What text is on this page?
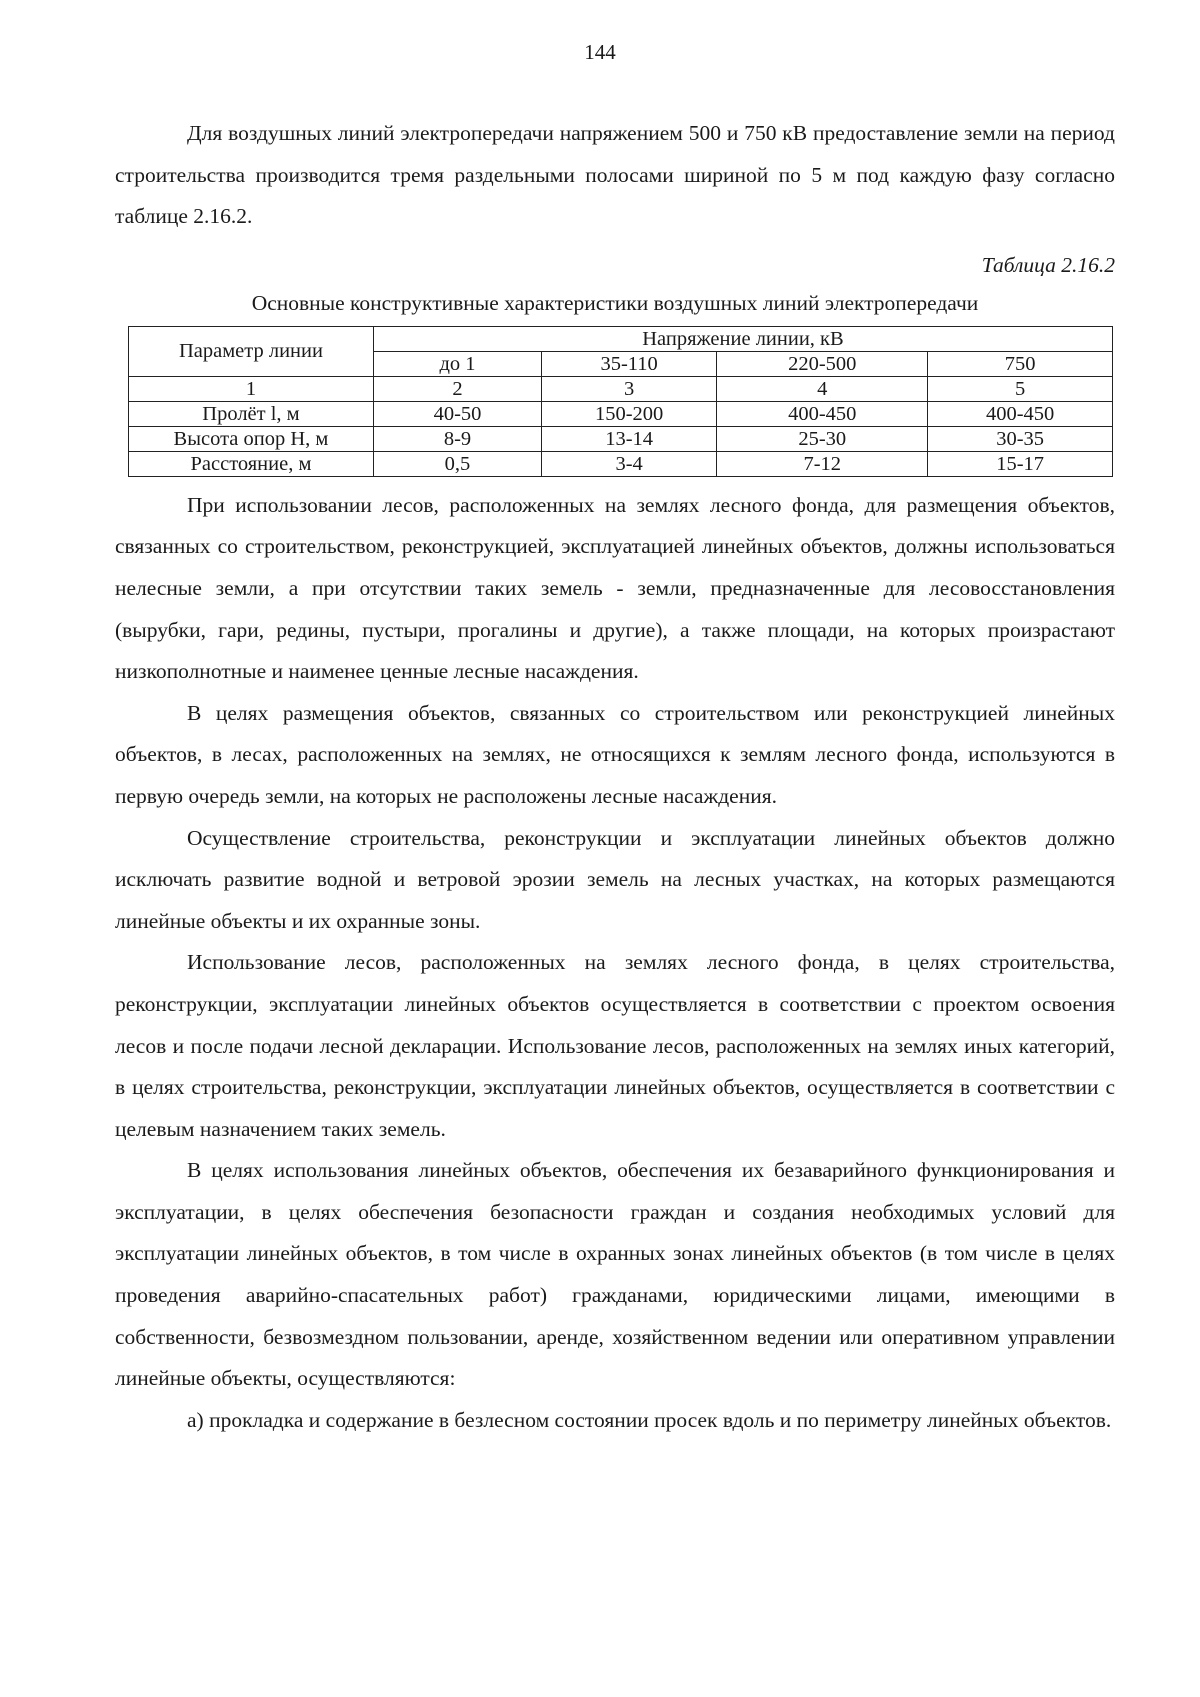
144

Для воздушных линий электропередачи напряжением 500 и 750 кВ предоставление земли на период строительства производится тремя раздельными полосами шириной по 5 м под каждую фазу согласно таблице 2.16.2.

Таблица 2.16.2
Основные конструктивные характеристики воздушных линий электропередачи
Параметр линии	Напряжение линии, кВ			
	до 1	35-110	220-500	750
1	2	3	4	5
Пролёт l, м	40-50	150-200	400-450	400-450
Высота опор H, м	8-9	13-14	25-30	30-35
Расстояние, м	0,5	3-4	7-12	15-17

При использовании лесов, расположенных на землях лесного фонда, для размещения объектов, связанных со строительством, реконструкцией, эксплуатацией линейных объектов, должны использоваться нелесные земли, а при отсутствии таких земель - земли, предназначенные для лесовосстановления (вырубки, гари, редины, пустыри, прогалины и другие), а также площади, на которых произрастают низкополнотные и наименее ценные лесные насаждения.

В целях размещения объектов, связанных со строительством или реконструкцией линейных объектов, в лесах, расположенных на землях, не относящихся к землям лесного фонда, используются в первую очередь земли, на которых не расположены лесные насаждения.

Осуществление строительства, реконструкции и эксплуатации линейных объектов должно исключать развитие водной и ветровой эрозии земель на лесных участках, на которых размещаются линейные объекты и их охранные зоны.

Использование лесов, расположенных на землях лесного фонда, в целях строительства, реконструкции, эксплуатации линейных объектов осуществляется в соответствии с проектом освоения лесов и после подачи лесной декларации. Использование лесов, расположенных на землях иных категорий, в целях строительства, реконструкции, эксплуатации линейных объектов, осуществляется в соответствии с целевым назначением таких земель.

В целях использования линейных объектов, обеспечения их безаварийного функционирования и эксплуатации, в целях обеспечения безопасности граждан и создания необходимых условий для эксплуатации линейных объектов, в том числе в охранных зонах линейных объектов (в том числе в целях проведения аварийно-спасательных работ) гражданами, юридическими лицами, имеющими в собственности, безвозмездном пользовании, аренде, хозяйственном ведении или оперативном управлении линейные объекты, осуществляются:

а) прокладка и содержание в безлесном состоянии просек вдоль и по периметру линейных объектов.
